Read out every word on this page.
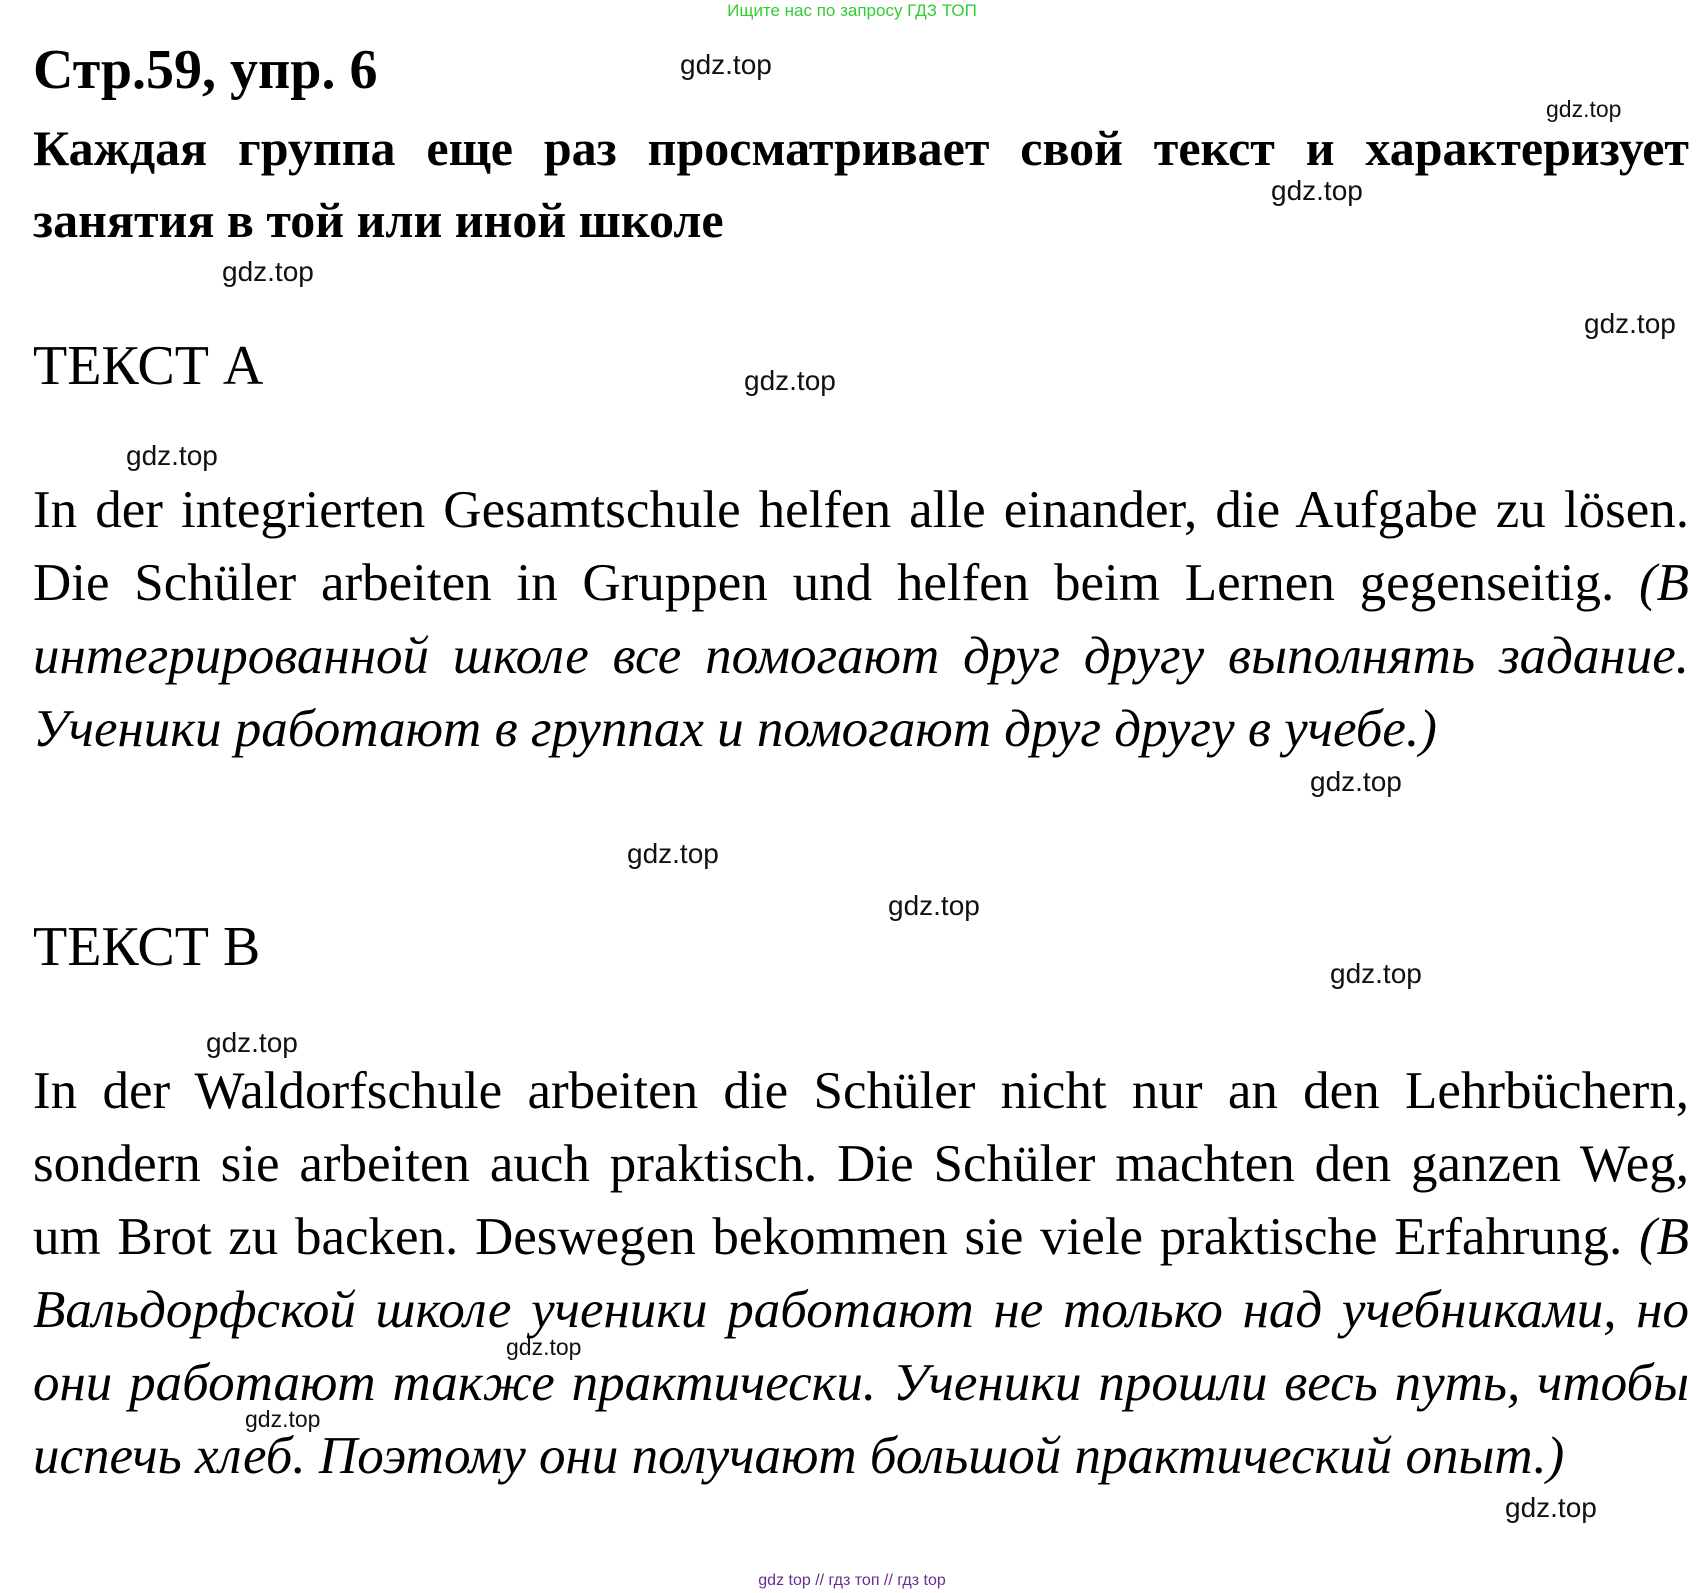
Ищите нас по запросу ГДЗ ТОП
Стр.59, упр. 6

Каждая группа еще раз просматривает свой текст и характеризует занятия в той или иной школе

ТЕКСТ А

In der integrierten Gesamtschule helfen alle einander, die Aufgabe zu lösen. Die Schüler arbeiten in Gruppen und helfen beim Lernen gegenseitig. (В интегрированной школе все помогают друг другу выполнять задание. Ученики работают в группах и помогают друг другу в учебе.)

ТЕКСТ В

In der Waldorfschule arbeiten die Schüler nicht nur an den Lehrbüchern, sondern sie arbeiten auch praktisch. Die Schüler machten den ganzen Weg, um Brot zu backen. Deswegen bekommen sie viele praktische Erfahrung. (В Вальдорфской школе ученики работают не только над учебниками, но они работают также практически. Ученики прошли весь путь, чтобы испечь хлеб. Поэтому они получают большой практический опыт.)

gdz.top
gdz.top
gdz.top
gdz.top
gdz.top
gdz.top
gdz.top
gdz.top
gdz.top
gdz.top
gdz.top
gdz.top
gdz.top
gdz.top
gdz.top
gdz top // гдз топ // гдз top
